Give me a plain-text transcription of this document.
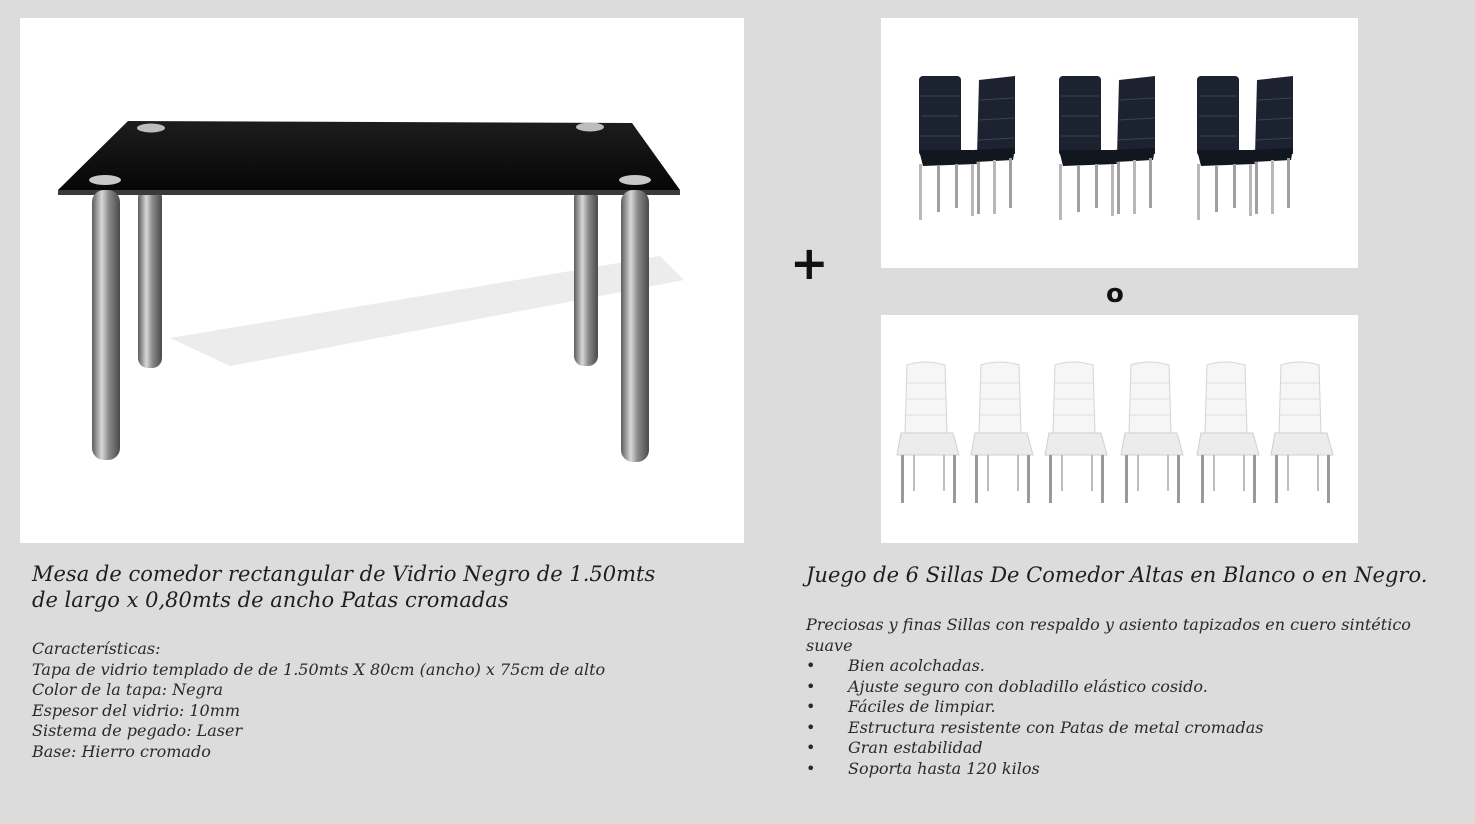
+
o
Mesa de comedor rectangular de Vidrio Negro de 1.50mts
de largo x 0,80mts de ancho Patas cromadas
Características:
Tapa de vidrio templado de de 1.50mts X 80cm (ancho) x 75cm de alto
Color de la tapa: Negra
Espesor del vidrio: 10mm
Sistema de pegado: Laser
Base: Hierro cromado
Juego de 6 Sillas De Comedor Altas en Blanco o en Negro.
Preciosas y finas Sillas con respaldo y asiento tapizados en cuero sintético suave
• Bien acolchadas.
• Ajuste seguro con dobladillo elástico cosido.
• Fáciles de limpiar.
• Estructura resistente con Patas de metal cromadas
• Gran estabilidad
• Soporta hasta 120 kilos
